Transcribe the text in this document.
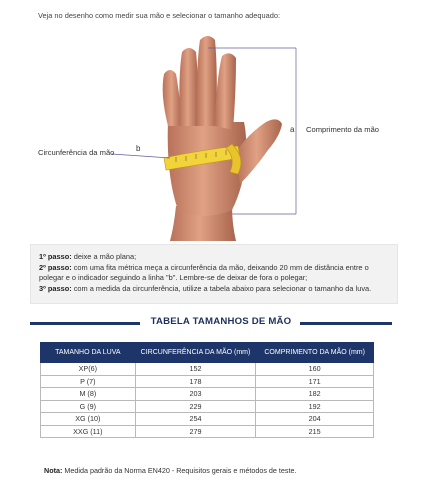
Veja no desenho como medir sua mão e selecionar o tamanho adequado:
a
b
Comprimento da mão
Circunferência da mão
1º passo: deixe a mão plana;
2º passo: com uma fita métrica meça a circunferência da mão, deixando 20 mm de distância entre o polegar e o indicador seguindo a linha "b". Lembre-se de deixar de fora o polegar;
3º passo: com a medida da circunferência, utilize a tabela abaixo para selecionar o tamanho da luva.
TABELA TAMANHOS DE MÃO
TAMANHO DA LUVA	CIRCUNFERÊNCIA DA MÃO (mm)	COMPRIMENTO DA MÃO (mm)
XP(6)	152	160
P (7)	178	171
M (8)	203	182
G (9)	229	192
XG (10)	254	204
XXG (11)	279	215
Nota: Medida padrão da Norma EN420 - Requisitos gerais e métodos de teste.
